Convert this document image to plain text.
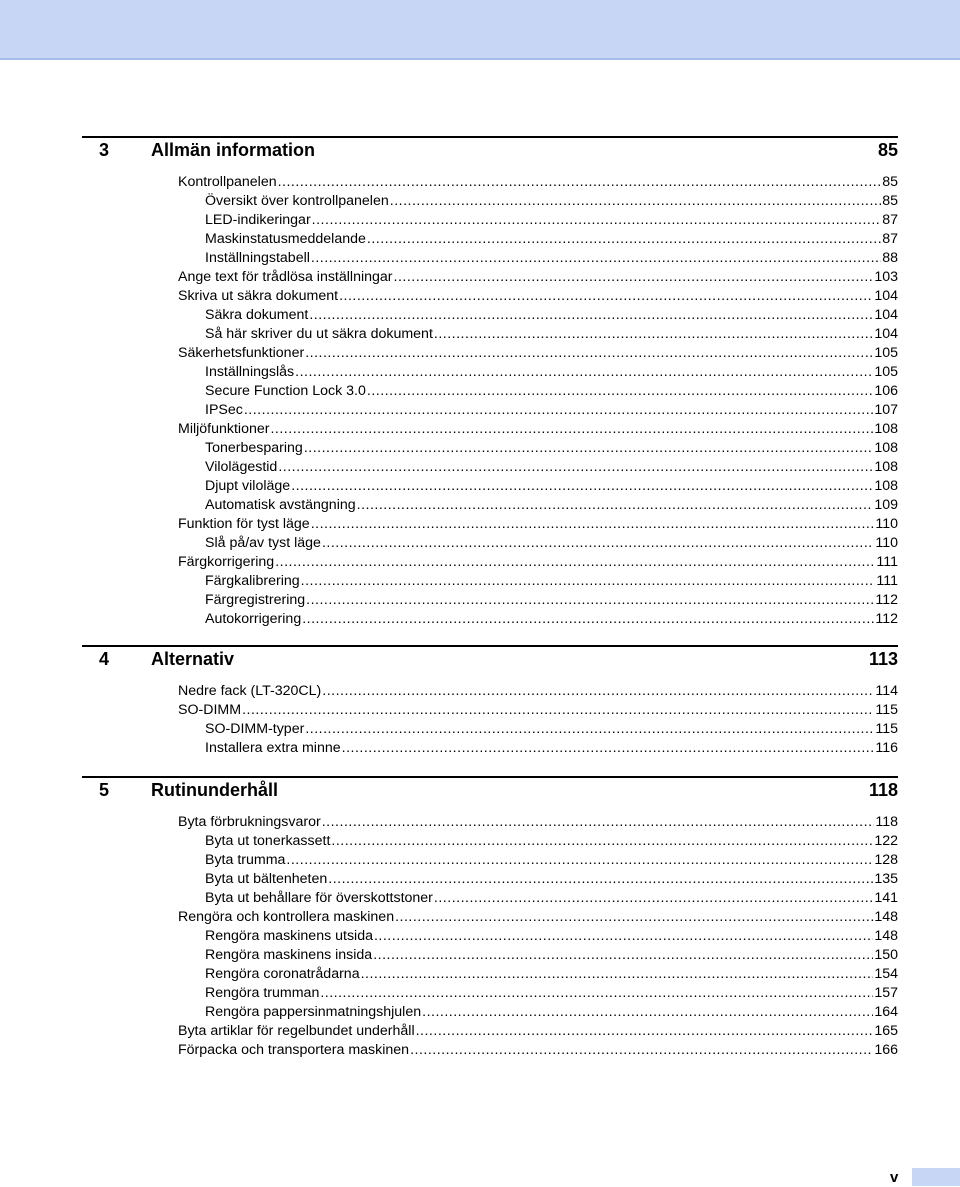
3	Allmän information	85
Kontrollpanelen .....	85
Översikt över kontrollpanelen .....	85
LED-indikeringar .....	87
Maskinstatusmeddelande .....	87
Inställningstabell .....	88
Ange text för trådlösa inställningar .....	103
Skriva ut säkra dokument .....	104
Säkra dokument .....	104
Så här skriver du ut säkra dokument .....	104
Säkerhetsfunktioner .....	105
Inställningslås .....	105
Secure Function Lock 3.0 .....	106
IPSec .....	107
Miljöfunktioner .....	108
Tonerbesparing .....	108
Vilolägestid .....	108
Djupt viloläge .....	108
Automatisk avstängning .....	109
Funktion för tyst läge .....	110
Slå på/av tyst läge .....	110
Färgkorrigering .....	111
Färgkalibrering .....	111
Färgregistrering .....	112
Autokorrigering .....	112
4	Alternativ	113
Nedre fack (LT-320CL) .....	114
SO-DIMM .....	115
SO-DIMM-typer .....	115
Installera extra minne .....	116
5	Rutinunderhåll	118
Byta förbrukningsvaror .....	118
Byta ut tonerkassett .....	122
Byta trumma .....	128
Byta ut bältenheten .....	135
Byta ut behållare för överskottstoner .....	141
Rengöra och kontrollera maskinen .....	148
Rengöra maskinens utsida .....	148
Rengöra maskinens insida .....	150
Rengöra coronatrådarna .....	154
Rengöra trumman .....	157
Rengöra pappersinmatningshjulen .....	164
Byta artiklar för regelbundet underhåll .....	165
Förpacka och transportera maskinen .....	166
v
